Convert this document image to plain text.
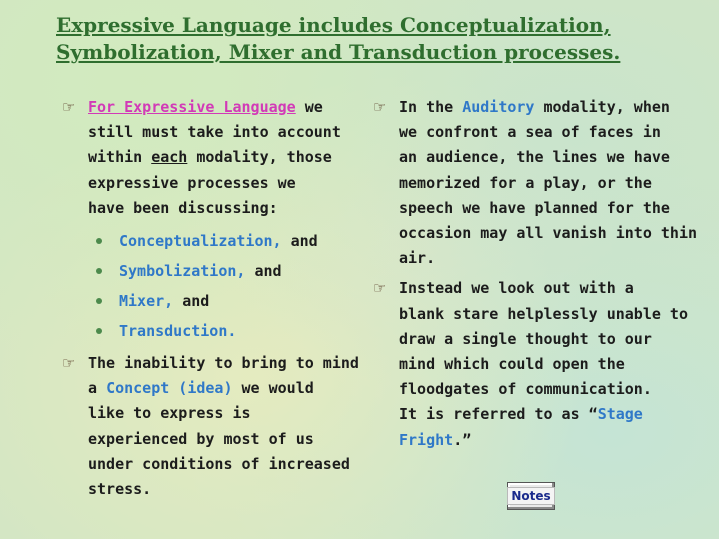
Expressive Language includes Conceptualization,
Symbolization, Mixer and Transduction processes.

☞ For Expressive Language we
still must take into account
within each modality, those
expressive processes we
have been discussing:

Conceptualization, and
Symbolization, and
Mixer, and
Transduction.

☞ The inability to bring to mind
a Concept (idea) we would
like to express is
experienced by most of us
under conditions of increased
stress.

☞ In the Auditory modality, when
we confront a sea of faces in
an audience, the lines we have
memorized for a play, or the
speech we have planned for the
occasion may all vanish into thin
air.

☞ Instead we look out with a
blank stare helplessly unable to
draw a single thought to our
mind which could open the
floodgates of communication.
It is referred to as “Stage
Fright.”

Notes
